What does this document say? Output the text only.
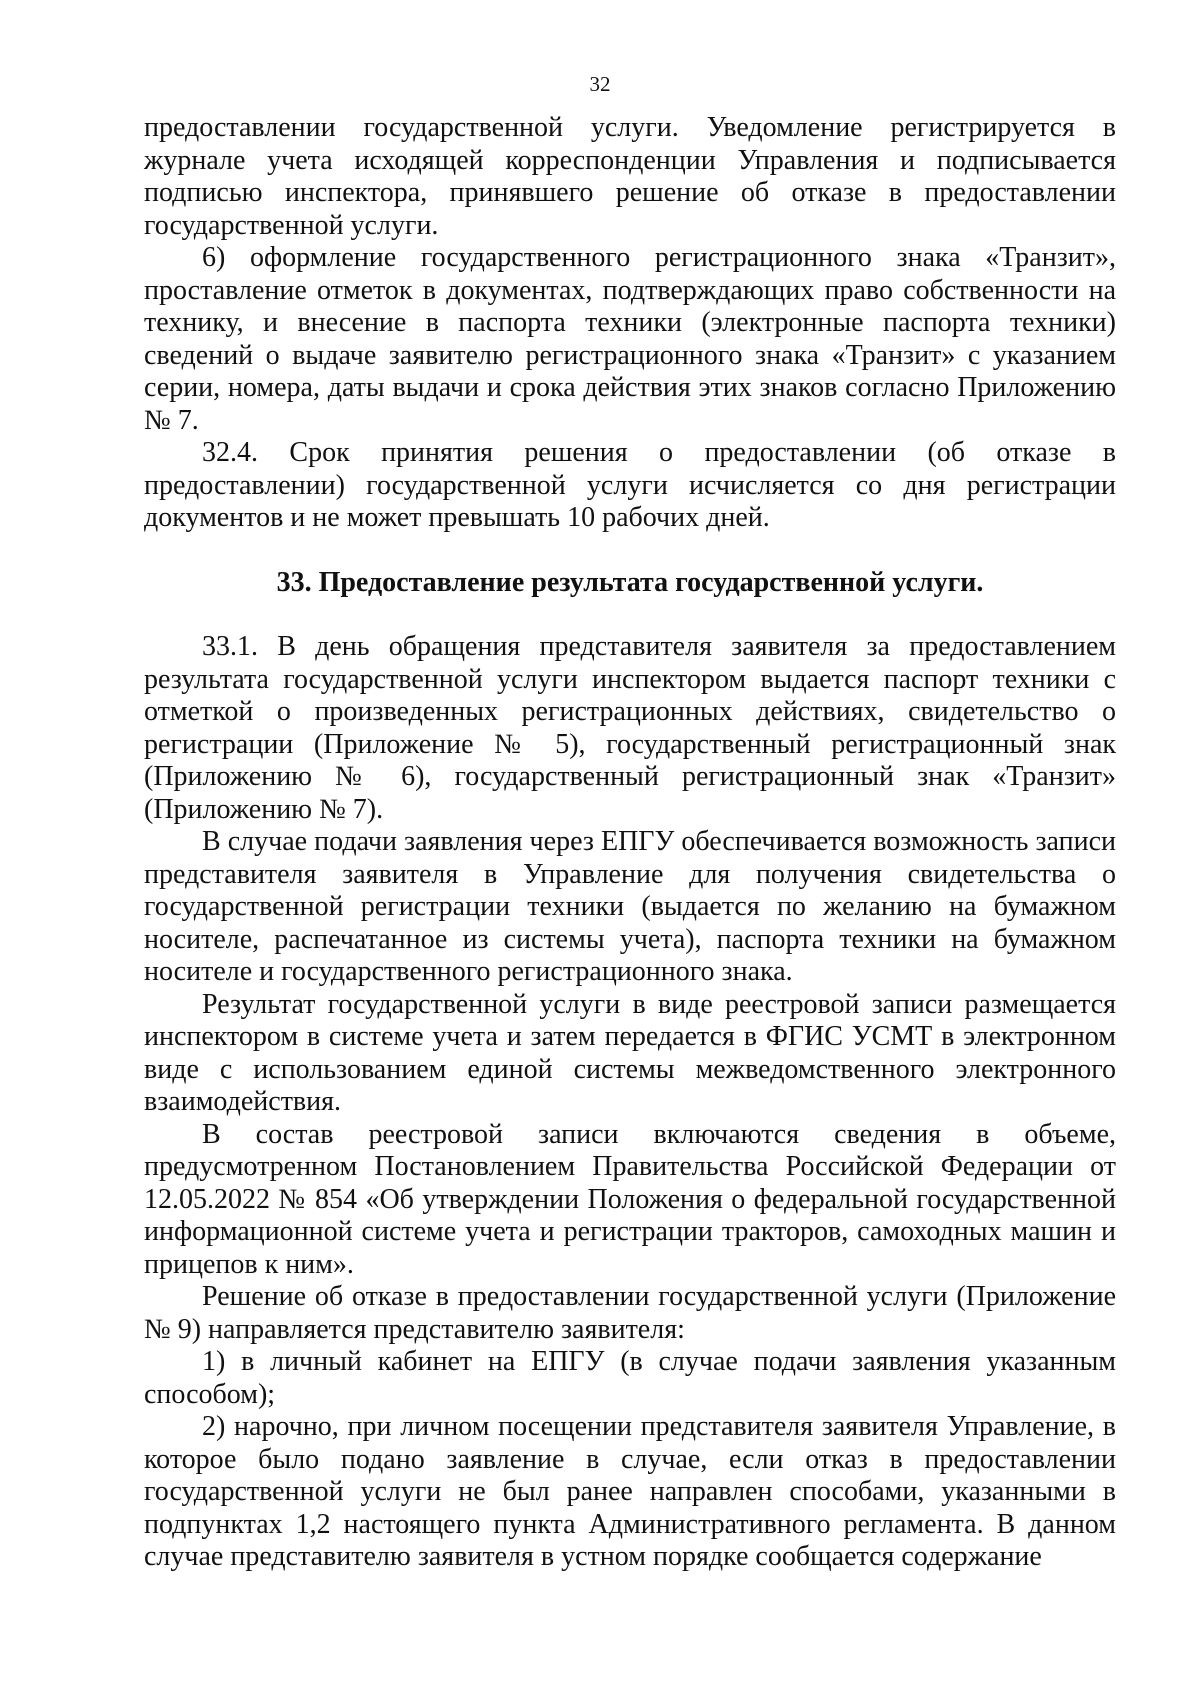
32

предоставлении государственной услуги. Уведомление регистрируется в журнале учета исходящей корреспонденции Управления и подписывается подписью инспектора, принявшего решение об отказе в предоставлении государственной услуги.

6) оформление государственного регистрационного знака «Транзит», проставление отметок в документах, подтверждающих право собственности на технику, и внесение в паспорта техники (электронные паспорта техники) сведений о выдаче заявителю регистрационного знака «Транзит» с указанием серии, номера, даты выдачи и срока действия этих знаков согласно Приложению № 7.

32.4. Срок принятия решения о предоставлении (об отказе в предоставлении) государственной услуги исчисляется со дня регистрации документов и не может превышать 10 рабочих дней.

33. Предоставление результата государственной услуги.

33.1. В день обращения представителя заявителя за предоставлением результата государственной услуги инспектором выдается паспорт техники с отметкой о произведенных регистрационных действиях, свидетельство о регистрации (Приложение № 5), государственный регистрационный знак (Приложению № 6), государственный регистрационный знак «Транзит» (Приложению № 7).

В случае подачи заявления через ЕПГУ обеспечивается возможность записи представителя заявителя в Управление для получения свидетельства о государственной регистрации техники (выдается по желанию на бумажном носителе, распечатанное из системы учета), паспорта техники на бумажном носителе и государственного регистрационного знака.

Результат государственной услуги в виде реестровой записи размещается инспектором в системе учета и затем передается в ФГИС УСМТ в электронном виде с использованием единой системы межведомственного электронного взаимодействия.

В состав реестровой записи включаются сведения в объеме, предусмотренном Постановлением Правительства Российской Федерации от 12.05.2022 № 854 «Об утверждении Положения о федеральной государственной информационной системе учета и регистрации тракторов, самоходных машин и прицепов к ним».

Решение об отказе в предоставлении государственной услуги (Приложение № 9) направляется представителю заявителя:

1) в личный кабинет на ЕПГУ (в случае подачи заявления указанным способом);

2) нарочно, при личном посещении представителя заявителя Управление, в которое было подано заявление в случае, если отказ в предоставлении государственной услуги не был ранее направлен способами, указанными в подпунктах 1,2 настоящего пункта Административного регламента. В данном случае представителю заявителя в устном порядке сообщается содержание
